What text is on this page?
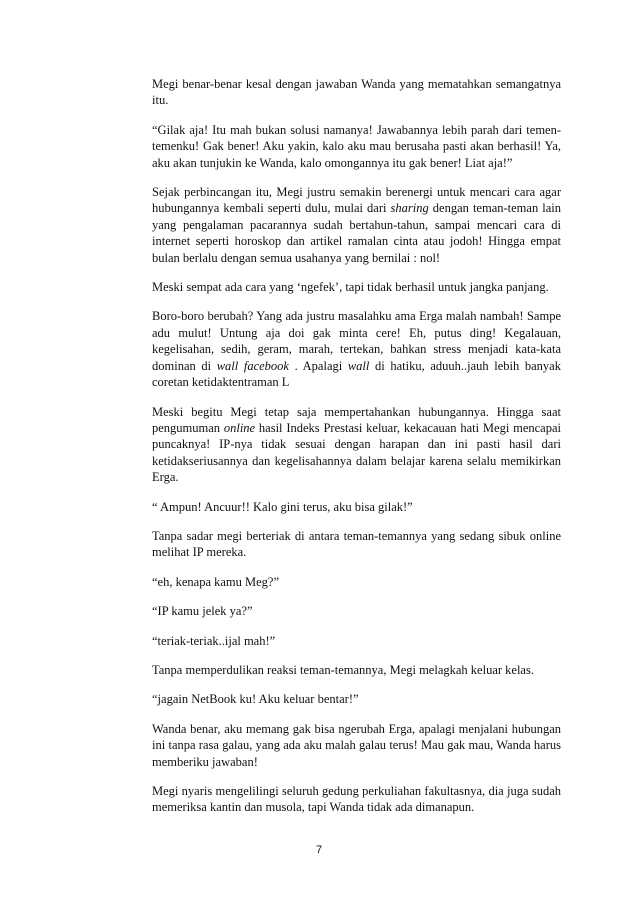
Megi benar-benar kesal dengan jawaban Wanda yang mematahkan semangatnya itu.

“Gilak aja! Itu mah bukan solusi namanya! Jawabannya lebih parah dari temen-temenku! Gak bener! Aku yakin, kalo aku mau berusaha pasti akan berhasil! Ya, aku akan tunjukin ke Wanda, kalo omongannya itu gak bener! Liat aja!”

Sejak perbincangan itu, Megi justru semakin berenergi untuk mencari cara agar hubungannya kembali seperti dulu, mulai dari sharing dengan teman-teman lain yang pengalaman pacarannya sudah bertahun-tahun, sampai mencari cara di internet seperti horoskop dan artikel ramalan cinta atau jodoh! Hingga empat bulan berlalu dengan semua usahanya yang bernilai : nol!

Meski sempat ada cara yang ‘ngefek’, tapi tidak berhasil untuk jangka panjang.

Boro-boro berubah? Yang ada justru masalahku ama Erga malah nambah! Sampe adu mulut! Untung aja doi gak minta cere! Eh, putus ding! Kegalauan, kegelisahan, sedih, geram, marah, tertekan, bahkan stress menjadi kata-kata dominan di wall facebook . Apalagi wall di hatiku, aduuh..jauh lebih banyak coretan ketidaktentraman L

Meski begitu Megi tetap saja mempertahankan hubungannya. Hingga saat pengumuman online hasil Indeks Prestasi keluar, kekacauan hati Megi mencapai puncaknya! IP-nya tidak sesuai dengan harapan dan ini pasti hasil dari ketidakseriusannya dan kegelisahannya dalam belajar karena selalu memikirkan Erga.

“ Ampun! Ancuur!! Kalo gini terus, aku bisa gilak!”

Tanpa sadar megi berteriak di antara teman-temannya yang sedang sibuk online melihat IP mereka.

“eh, kenapa kamu Meg?”

“IP kamu jelek ya?”

“teriak-teriak..ijal mah!”

Tanpa memperdulikan reaksi teman-temannya, Megi melagkah keluar kelas.

“jagain NetBook ku! Aku keluar bentar!”

Wanda benar, aku memang gak bisa ngerubah Erga, apalagi menjalani hubungan ini tanpa rasa galau, yang ada aku malah galau terus! Mau gak mau, Wanda harus memberiku jawaban!

Megi nyaris mengelilingi seluruh gedung perkuliahan fakultasnya, dia juga sudah memeriksa kantin dan musola, tapi Wanda tidak ada dimanapun.

7
